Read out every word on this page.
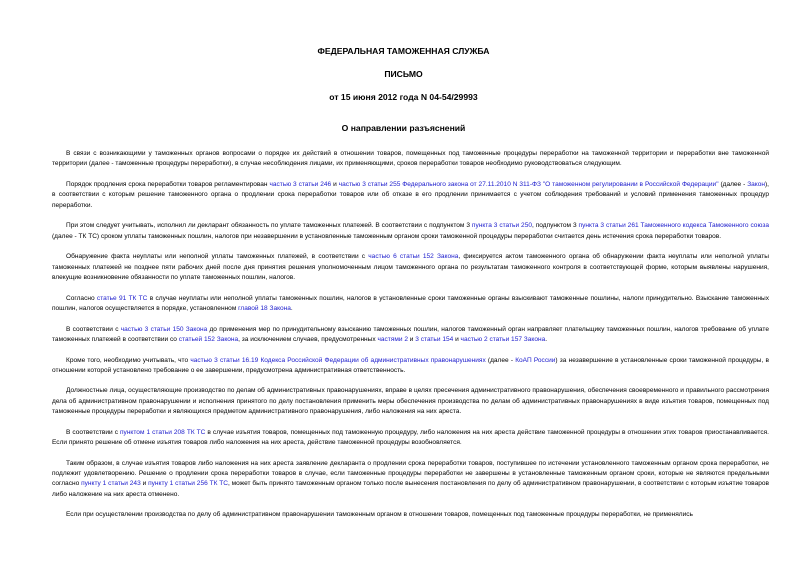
ФЕДЕРАЛЬНАЯ ТАМОЖЕННАЯ СЛУЖБА
ПИСЬМО
от 15 июня 2012 года N 04-54/29993
О направлении разъяснений

В связи с возникающими у таможенных органов вопросами о порядке их действий в отношении товаров, помещенных под таможенные процедуры переработки на таможенной территории и переработки вне таможенной территории (далее - таможенные процедуры переработки), в случае несоблюдения лицами, их применяющими, сроков переработки товаров необходимо руководствоваться следующим.

Порядок продления срока переработки товаров регламентирован частью 3 статьи 246 и частью 3 статьи 255 Федерального закона от 27.11.2010 N 311-ФЗ "О таможенном регулировании в Российской Федерации" (далее - Закон), в соответствии с которым решение таможенного органа о продлении срока переработки товаров или об отказе в его продлении принимается с учетом соблюдения требований и условий применения таможенных процедур переработки.

При этом следует учитывать, исполнил ли декларант обязанность по уплате таможенных платежей. В соответствии с подпунктом 3 пункта 3 статьи 250, подпунктом 3 пункта 3 статьи 261 Таможенного кодекса Таможенного союза (далее - ТК ТС) сроком уплаты таможенных пошлин, налогов при незавершении в установленные таможенным органом сроки таможенной процедуры переработки считается день истечения срока переработки товаров.

Обнаружение факта неуплаты или неполной уплаты таможенных платежей, в соответствии с частью 6 статьи 152 Закона, фиксируется актом таможенного органа об обнаружении факта неуплаты или неполной уплаты таможенных платежей не позднее пяти рабочих дней после дня принятия решения уполномоченным лицом таможенного органа по результатам таможенного контроля в соответствующей форме, которым выявлены нарушения, влекущие возникновение обязанности по уплате таможенных пошлин, налогов.

Согласно статье 91 ТК ТС в случае неуплаты или неполной уплаты таможенных пошлин, налогов в установленные сроки таможенные органы взыскивают таможенные пошлины, налоги принудительно. Взыскание таможенных пошлин, налогов осуществляется в порядке, установленном главой 18 Закона.

В соответствии с частью 3 статьи 150 Закона до применения мер по принудительному взысканию таможенных пошлин, налогов таможенный орган направляет плательщику таможенных пошлин, налогов требование об уплате таможенных платежей в соответствии со статьей 152 Закона, за исключением случаев, предусмотренных частями 2 и 3 статьи 154 и частью 2 статьи 157 Закона.

Кроме того, необходимо учитывать, что частью 3 статьи 16.19 Кодекса Российской Федерации об административных правонарушениях (далее - КоАП России) за незавершение в установленные сроки таможенной процедуры, в отношении которой установлено требование о ее завершении, предусмотрена административная ответственность.

Должностные лица, осуществляющие производство по делам об административных правонарушениях, вправе в целях пресечения административного правонарушения, обеспечения своевременного и правильного рассмотрения дела об административном правонарушении и исполнения принятого по делу постановления применить меры обеспечения производства по делам об административных правонарушениях в виде изъятия товаров, помещенных под таможенные процедуры переработки и являющихся предметом административного правонарушения, либо наложения на них ареста.

В соответствии с пунктом 1 статьи 208 ТК ТС в случае изъятия товаров, помещенных под таможенную процедуру, либо наложения на них ареста действие таможенной процедуры в отношении этих товаров приостанавливается. Если принято решение об отмене изъятия товаров либо наложения на них ареста, действие таможенной процедуры возобновляется.

Таким образом, в случае изъятия товаров либо наложения на них ареста заявление декларанта о продлении срока переработки товаров, поступившее по истечении установленного таможенным органом срока переработки, не подлежит удовлетворению. Решение о продлении срока переработки товаров в случае, если таможенные процедуры переработки не завершены в установленные таможенным органом сроки, которые не являются предельными согласно пункту 1 статьи 243 и пункту 1 статьи 256 ТК ТС, может быть принято таможенным органом только после вынесения постановления по делу об административном правонарушении, в соответствии с которым изъятие товаров либо наложение на них ареста отменено.

Если при осуществлении производства по делу об административном правонарушении таможенным органом в отношении товаров, помещенных под таможенные процедуры переработки, не применялись
